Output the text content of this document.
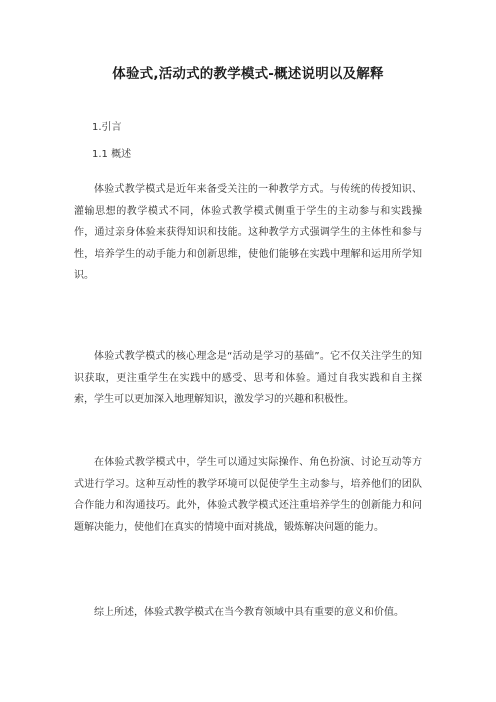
体验式,活动式的教学模式-概述说明以及解释
1.引言
1.1 概述

体验式教学模式是近年来备受关注的一种教学方式。与传统的传授知识、灌输思想的教学模式不同，体验式教学模式侧重于学生的主动参与和实践操作，通过亲身体验来获得知识和技能。这种教学方式强调学生的主体性和参与性，培养学生的动手能力和创新思维，使他们能够在实践中理解和运用所学知识。

体验式教学模式的核心理念是“活动是学习的基础”。它不仅关注学生的知识获取，更注重学生在实践中的感受、思考和体验。通过自我实践和自主探索，学生可以更加深入地理解知识，激发学习的兴趣和积极性。

在体验式教学模式中，学生可以通过实际操作、角色扮演、讨论互动等方式进行学习。这种互动性的教学环境可以促使学生主动参与，培养他们的团队合作能力和沟通技巧。此外，体验式教学模式还注重培养学生的创新能力和问题解决能力，使他们在真实的情境中面对挑战，锻炼解决问题的能力。

综上所述，体验式教学模式在当今教育领域中具有重要的意义和价值。
